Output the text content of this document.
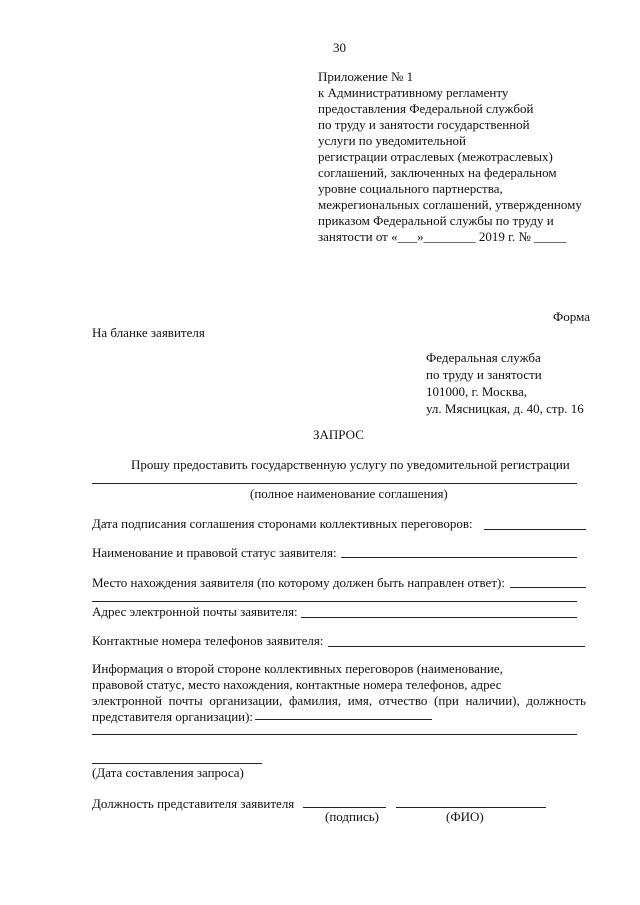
30
Приложение № 1
к Административному регламенту
предоставления Федеральной службой
по труду и занятости государственной
услуги по уведомительной
регистрации отраслевых (межотраслевых)
соглашений, заключенных на федеральном
уровне социального партнерства,
межрегиональных соглашений, утвержденному
приказом Федеральной службы по труду и
занятости от «___»________ 2019 г. № _____
Форма
На бланке заявителя
Федеральная служба
по труду и занятости
101000, г. Москва,
ул. Мясницкая, д. 40, стр. 16
ЗАПРОС
Прошу предоставить государственную услугу по уведомительной регистрации
(полное наименование соглашения)
Дата подписания соглашения сторонами коллективных переговоров:
Наименование и правовой статус заявителя:
Место нахождения заявителя (по которому должен быть направлен ответ):
Адрес электронной почты заявителя:
Контактные номера телефонов заявителя:
Информация о второй стороне коллективных переговоров (наименование,
правовой статус, место нахождения, контактные номера телефонов, адрес
электронной почты организации, фамилия, имя, отчество (при наличии), должность
представителя организации):
(Дата составления запроса)
Должность представителя заявителя
(подпись)	(ФИО)
